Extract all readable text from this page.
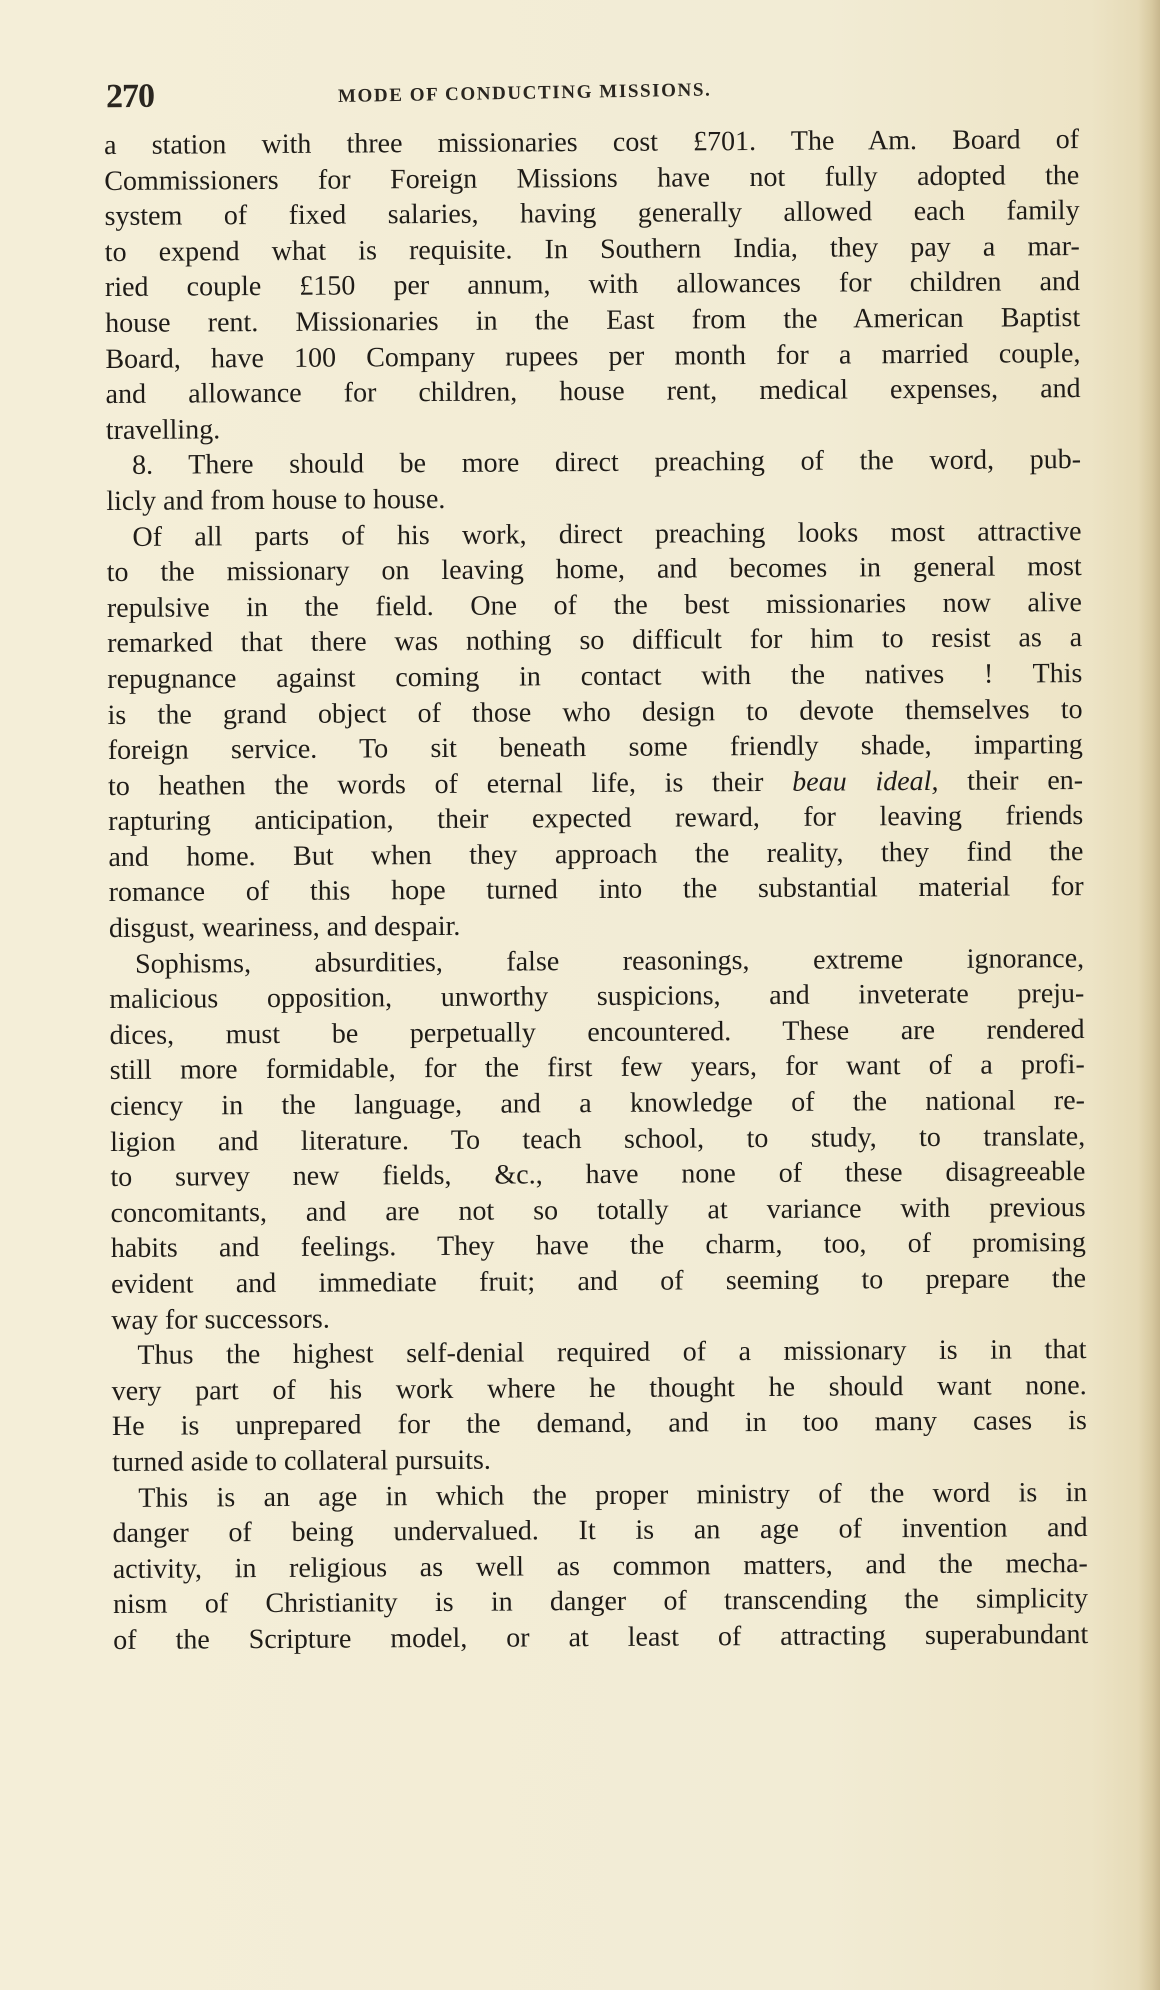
270	MODE OF CONDUCTING MISSIONS.
a station with three missionaries cost £701. The Am. Board of
Commissioners for Foreign Missions have not fully adopted the
system of fixed salaries, having generally allowed each family
to expend what is requisite. In Southern India, they pay a mar-
ried couple £150 per annum, with allowances for children and
house rent. Missionaries in the East from the American Baptist
Board, have 100 Company rupees per month for a married couple,
and allowance for children, house rent, medical expenses, and
travelling.
8. There should be more direct preaching of the word, pub-
licly and from house to house.
Of all parts of his work, direct preaching looks most attractive
to the missionary on leaving home, and becomes in general most
repulsive in the field. One of the best missionaries now alive
remarked that there was nothing so difficult for him to resist as a
repugnance against coming in contact with the natives ! This
is the grand object of those who design to devote themselves to
foreign service. To sit beneath some friendly shade, imparting
to heathen the words of eternal life, is their beau ideal, their en-
rapturing anticipation, their expected reward, for leaving friends
and home. But when they approach the reality, they find the
romance of this hope turned into the substantial material for
disgust, weariness, and despair.
Sophisms, absurdities, false reasonings, extreme ignorance,
malicious opposition, unworthy suspicions, and inveterate preju-
dices, must be perpetually encountered. These are rendered
still more formidable, for the first few years, for want of a profi-
ciency in the language, and a knowledge of the national re-
ligion and literature. To teach school, to study, to translate,
to survey new fields, &c., have none of these disagreeable
concomitants, and are not so totally at variance with previous
habits and feelings. They have the charm, too, of promising
evident and immediate fruit; and of seeming to prepare the
way for successors.
Thus the highest self-denial required of a missionary is in that
very part of his work where he thought he should want none.
He is unprepared for the demand, and in too many cases is
turned aside to collateral pursuits.
This is an age in which the proper ministry of the word is in
danger of being undervalued. It is an age of invention and
activity, in religious as well as common matters, and the mecha-
nism of Christianity is in danger of transcending the simplicity
of the Scripture model, or at least of attracting superabundant
